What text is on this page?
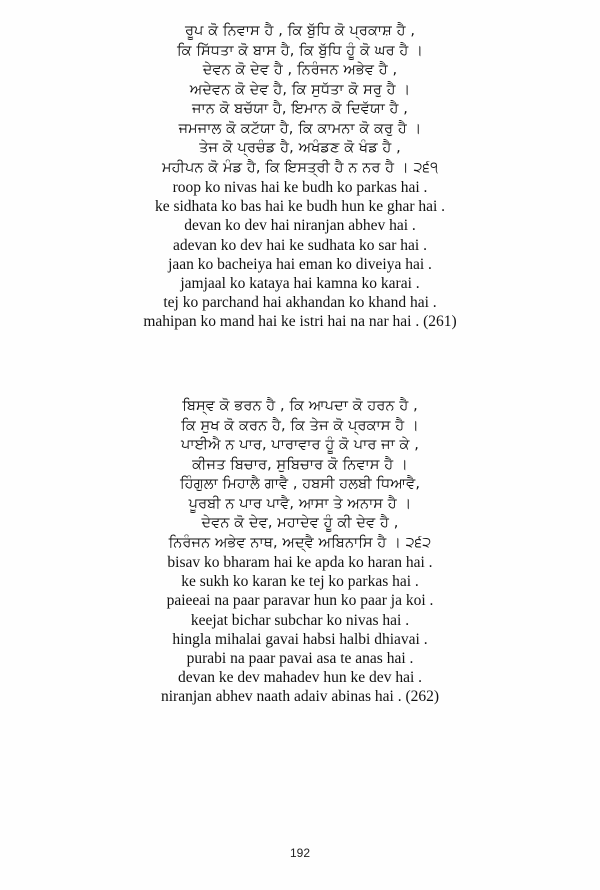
ਰੂਪ ਕੋ ਨਿਵਾਸ ਹੈ , ਕਿ ਬੁੱਧਿ ਕੋ ਪ੍ਰਕਾਸ਼ ਹੈ ,
ਕਿ ਸਿੱਧਤਾ ਕੋ ਬਾਸ ਹੈ, ਕਿ ਬੁੱਧਿ ਹੂੰ ਕੋ ਘਰ ਹੈ ।
ਦੇਵਨ ਕੋ ਦੇਵ ਹੈ , ਨਿਰੰਜਨ ਅਭੇਵ ਹੈ ,
ਅਦੇਵਨ ਕੋ ਦੇਵ ਹੈ, ਕਿ ਸੁਧੱਤਾ ਕੋ ਸਰੁ ਹੈ ।
ਜਾਨ ਕੋ ਬਚੱਯਾ ਹੈ, ਇਮਾਨ ਕੋ ਦਿਵੱਯਾ ਹੈ ,
ਜਮਜਾਲ ਕੋ ਕਟੱਯਾ ਹੈ, ਕਿ ਕਾਮਨਾ ਕੋ ਕਰੁ ਹੈ ।
ਤੇਜ ਕੋ ਪ੍ਰਚੰਡ ਹੈ, ਅਖੰਡਣ ਕੋ ਖੰਡ ਹੈ ,
ਮਹੀਪਨ ਕੋ ਮੰਡ ਹੈ, ਕਿ ਇਸਤ੍ਰੀ ਹੈ ਨ ਨਰ ਹੈ । ੨੬੧
roop ko nivas hai ke budh ko parkas hai .
ke sidhata ko bas hai ke budh hun ke ghar hai .
devan ko dev hai niranjan abhev hai .
adevan ko dev hai ke sudhata ko sar hai .
jaan ko bacheiya hai eman ko diveiya hai .
jamjaal ko kataya hai kamna ko karai .
tej ko parchand hai akhandan ko khand hai .
mahipan ko mand hai ke istri hai na nar hai . (261)
ਬਿਸ੍ਵ ਕੋ ਭਰਨ ਹੈ , ਕਿ ਆਪਦਾ ਕੋ ਹਰਨ ਹੈ ,
ਕਿ ਸੁਖ ਕੋ ਕਰਨ ਹੈ, ਕਿ ਤੇਜ ਕੋ ਪ੍ਰਕਾਸ ਹੈ ।
ਪਾਈਐ ਨ ਪਾਰ, ਪਾਰਾਵਾਰ ਹੂੰ ਕੋ ਪਾਰ ਜਾ ਕੇ ,
ਕੀਜਤ ਬਿਚਾਰ, ਸੁਬਿਚਾਰ ਕੋ ਨਿਵਾਸ ਹੈ ।
ਹਿੰਗੁਲਾ ਮਿਹਾਲੈ ਗਾਵੈ , ਹਬਸੀ ਹਲਬੀ ਧਿਆਵੈ,
ਪੂਰਬੀ ਨ ਪਾਰ ਪਾਵੈ, ਆਸਾ ਤੇ ਅਨਾਸ ਹੈ ।
ਦੇਵਨ ਕੋ ਦੇਵ, ਮਹਾਦੇਵ ਹੂੰ ਕੀ ਦੇਵ ਹੈ ,
ਨਿਰੰਜਨ ਅਭੇਵ ਨਾਥ, ਅਦ੍ਵੈ ਅਬਿਨਾਸਿ ਹੈ । ੨੬੨
bisav ko bharam hai ke apda ko haran hai .
ke sukh ko karan ke tej ko parkas hai .
paieeai na paar paravar hun ko paar ja koi .
keejat bichar subchar ko nivas hai .
hingla mihalai gavai habsi halbi dhiavai .
purabi na paar pavai asa te anas hai .
devan ke dev mahadev hun ke dev hai .
niranjan abhev naath adaiv abinas hai . (262)
192
